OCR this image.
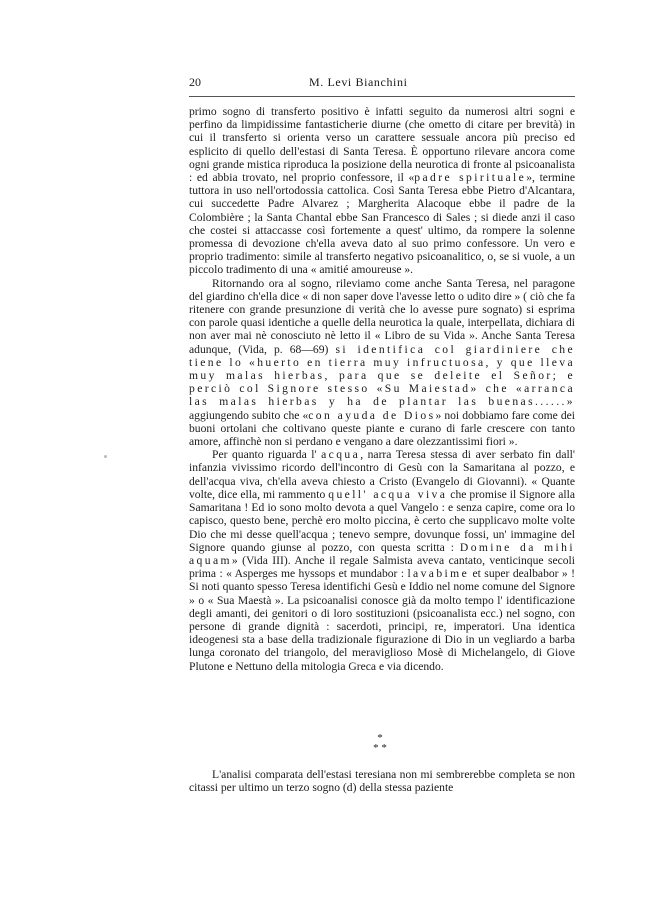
20	M. Levi Bianchini

primo sogno di transferto positivo è infatti seguito da numerosi altri sogni e perfino da limpidissime fantasticherie diurne (che ometto di citare per brevità) in cui il transferto si orienta verso un carattere sessuale ancora più preciso ed esplicito di quello dell'estasi di Santa Teresa. È opportuno rilevare ancora come ogni grande mistica riproduca la posizione della neurotica di fronte al psicoanalista : ed abbia trovato, nel proprio confessore, il «padre spirituale», termine tuttora in uso nell'ortodossia cattolica. Così Santa Teresa ebbe Pietro d'Alcantara, cui succedette Padre Alvarez ; Margherita Alacoque ebbe il padre de la Colombière ; la Santa Chantal ebbe San Francesco di Sales ; si diede anzi il caso che costei si attaccasse così fortemente a quest' ultimo, da rompere la solenne promessa di devozione ch'ella aveva dato al suo primo confessore. Un vero e proprio tradimento: simile al transferto negativo psicoanalitico, o, se si vuole, a un piccolo tradimento di una « amitié amoureuse ».

Ritornando ora al sogno, rileviamo come anche Santa Teresa, nel paragone del giardino ch'ella dice « di non saper dove l'avesse letto o udito dire » ( ciò che fa ritenere con grande presunzione di verità che lo avesse pure sognato) si esprima con parole quasi identiche a quelle della neurotica la quale, interpellata, dichiara di non aver mai nè conosciuto nè letto il « Libro de su Vida ». Anche Santa Teresa adunque, (Vida, p. 68—69) si identifica col giardiniere che tiene lo «huerto en tierra muy infructuosa, y que lleva muy malas hierbas, para que se deleite el Señor; e perciò col Signore stesso «Su Maiestad» che «arranca las malas hierbas y ha de plantar las buenas......» aggiungendo subito che «con ayuda de Dios» noi dobbiamo fare come dei buoni ortolani che coltivano queste piante e curano di farle crescere con tanto amore, affinchè non si perdano e vengano a dare olezzantissimi fiori ».

Per quanto riguarda l' acqua, narra Teresa stessa di aver serbato fin dall' infanzia vivissimo ricordo dell'incontro di Gesù con la Samaritana al pozzo, e dell'acqua viva, ch'ella aveva chiesto a Cristo (Evangelo di Giovanni). « Quante volte, dice ella, mi rammento quell' acqua viva che promise il Signore alla Samaritana ! Ed io sono molto devota a quel Vangelo : e senza capire, come ora lo capisco, questo bene, perchè ero molto piccina, è certo che supplicavo molte volte Dio che mi desse quell'acqua ; tenevo sempre, dovunque fossi, un' immagine del Signore quando giunse al pozzo, con questa scritta : Domine da mihi aquam» (Vida III). Anche il regale Salmista aveva cantato, venticinque secoli prima : « Asperges me hyssops et mundabor : lavabime et super dealbabor » ! Si noti quanto spesso Teresa identifichi Gesù e Iddio nel nome comune del Signore » o « Sua Maestà ». La psicoanalisi conosce già da molto tempo l' identificazione degli amanti, dei genitori o di loro sostituzioni (psicoanalista ecc.) nel sogno, con persone di grande dignità : sacerdoti, principi, re, imperatori. Una identica ideogenesi sta a base della tradizionale figurazione di Dio in un vegliardo a barba lunga coronato del triangolo, del meraviglioso Mosè di Michelangelo, di Giove Plutone e Nettuno della mitologia Greca e via dicendo.

*
* *

L'analisi comparata dell'estasi teresiana non mi sembrerebbe completa se non citassi per ultimo un terzo sogno (d) della stessa paziente
